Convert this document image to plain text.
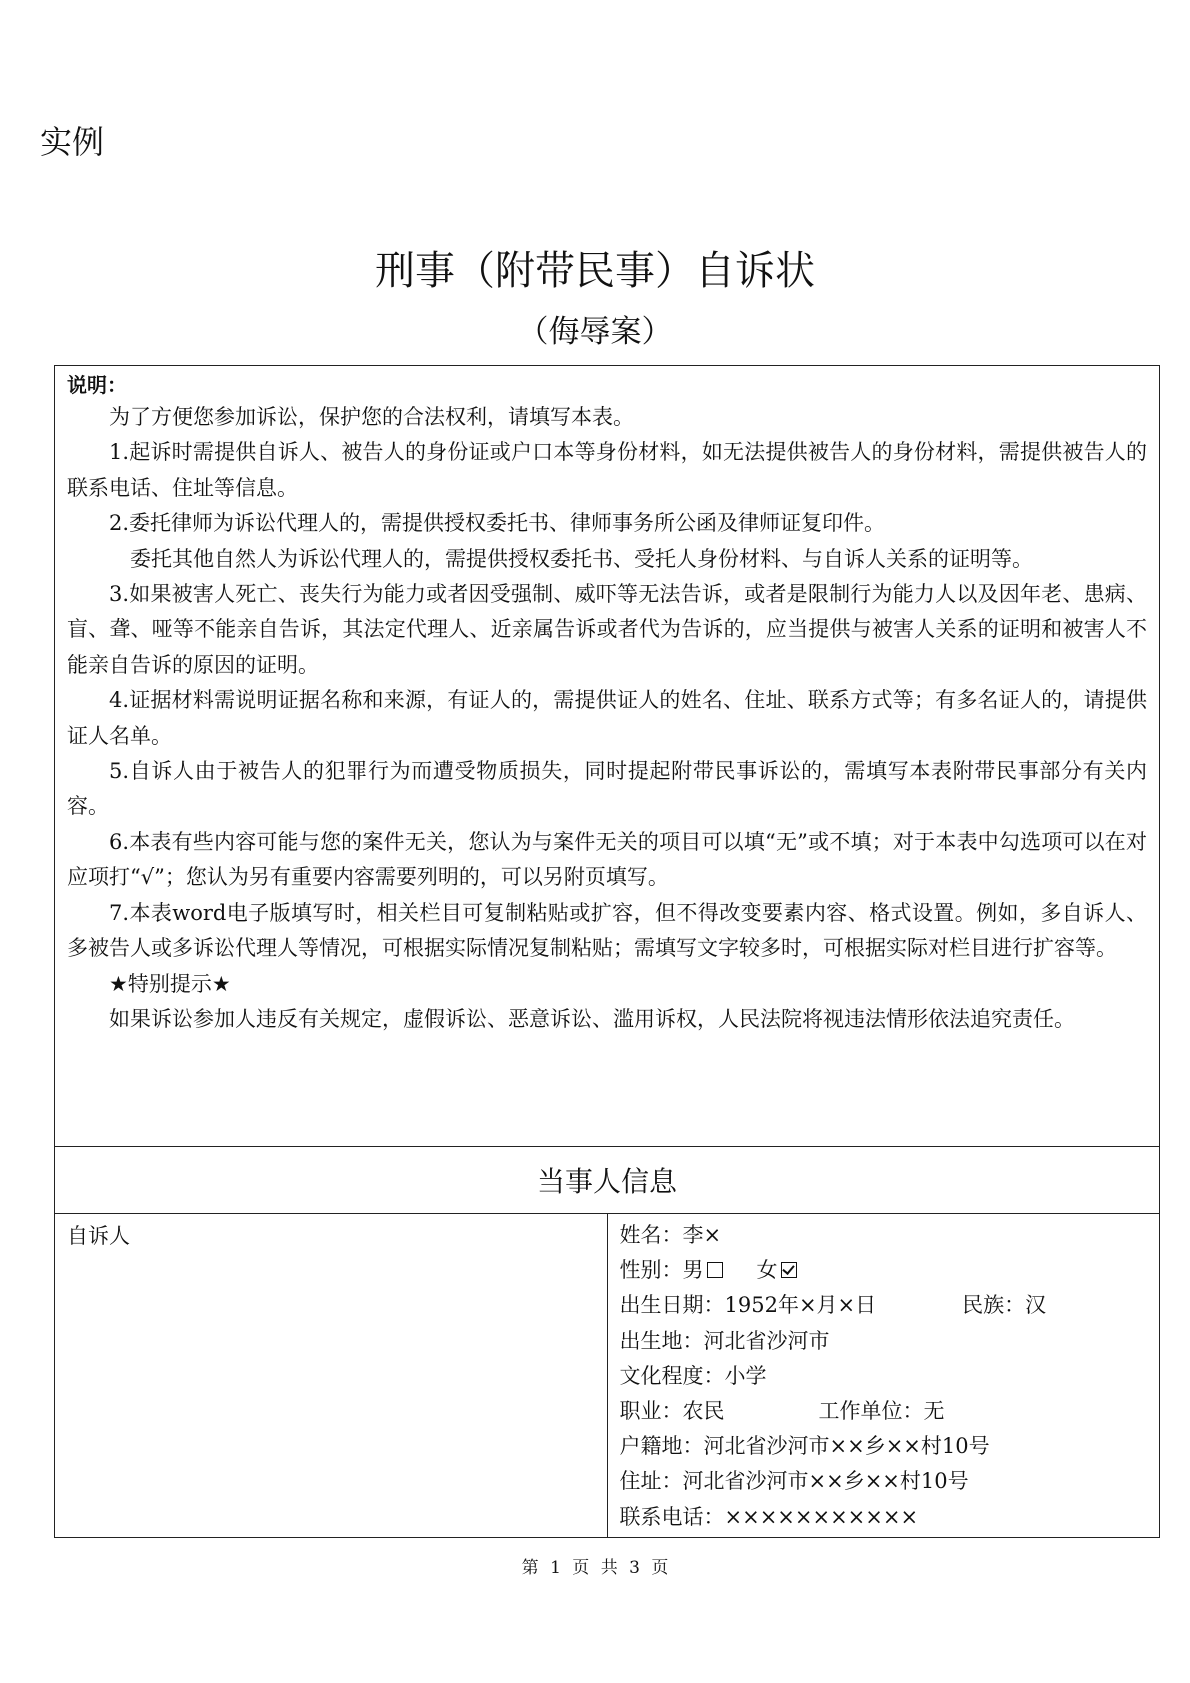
实例
刑事（附带民事）自诉状
（侮辱案）
说明：

为了方便您参加诉讼，保护您的合法权利，请填写本表。

1.起诉时需提供自诉人、被告人的身份证或户口本等身份材料，如无法提供被告人的身份材料，需提供被告人的联系电话、住址等信息。

2.委托律师为诉讼代理人的，需提供授权委托书、律师事务所公函及律师证复印件。

委托其他自然人为诉讼代理人的，需提供授权委托书、受托人身份材料、与自诉人关系的证明等。

3.如果被害人死亡、丧失行为能力或者因受强制、威吓等无法告诉，或者是限制行为能力人以及因年老、患病、盲、聋、哑等不能亲自告诉，其法定代理人、近亲属告诉或者代为告诉的，应当提供与被害人关系的证明和被害人不能亲自告诉的原因的证明。

4.证据材料需说明证据名称和来源，有证人的，需提供证人的姓名、住址、联系方式等；有多名证人的，请提供证人名单。

5.自诉人由于被告人的犯罪行为而遭受物质损失，同时提起附带民事诉讼的，需填写本表附带民事部分有关内容。

6.本表有些内容可能与您的案件无关，您认为与案件无关的项目可以填“无”或不填；对于本表中勾选项可以在对应项打“√”；您认为另有重要内容需要列明的，可以另附页填写。

7.本表word电子版填写时，相关栏目可复制粘贴或扩容，但不得改变要素内容、格式设置。例如，多自诉人、多被告人或多诉讼代理人等情况，可根据实际情况复制粘贴；需填写文字较多时，可根据实际对栏目进行扩容等。

★特别提示★

如果诉讼参加人违反有关规定，虚假诉讼、恶意诉讼、滥用诉权，人民法院将视违法情形依法追究责任。

当事人信息
自诉人	姓名：李×
性别：男	女
出生日期：1952年×月×日	民族：汉
出生地：河北省沙河市
文化程度：小学
职业：农民	工作单位：无
户籍地：河北省沙河市××乡××村10号
住址：河北省沙河市××乡××村10号
联系电话：×××××××××××
第 1 页 共 3 页
